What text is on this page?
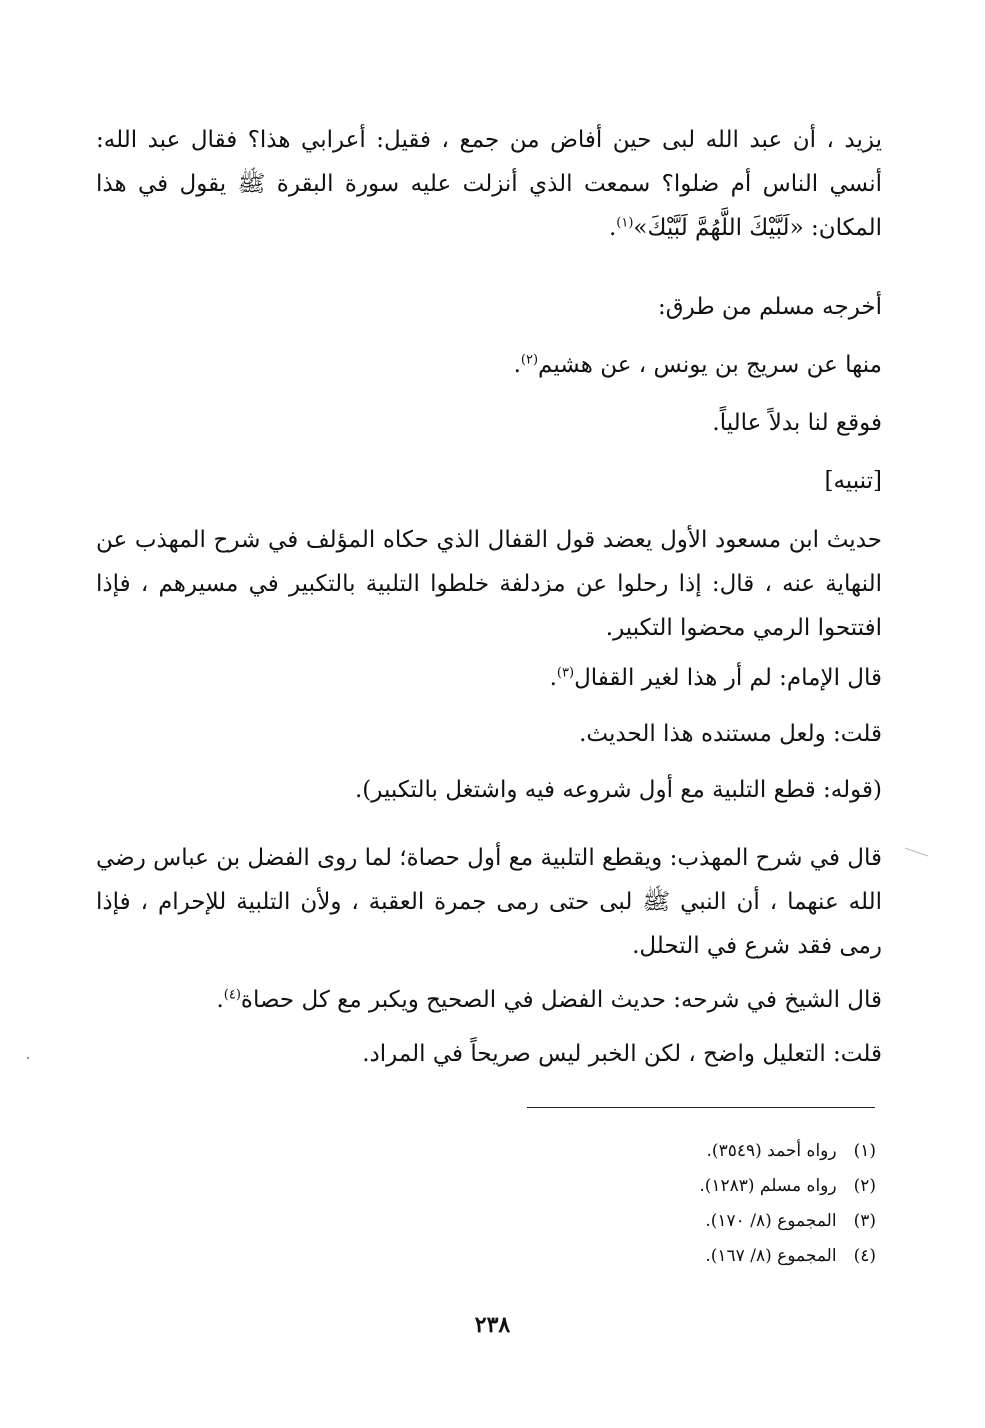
يزيد ، أن عبد الله لبى حين أفاض من جمع ، فقيل: أعرابي هذا؟ فقال عبد الله: أنسي الناس أم ضلوا؟ سمعت الذي أنزلت عليه سورة البقرة ﷺ يقول في هذا المكان: «لَبَّيْكَ اللَّهُمَّ لَبَّيْكَ»$^{(١)}$.

أخرجه مسلم من طرق:

منها عن سريج بن يونس ، عن هشيم$^{(٢)}$.

فوقع لنا بدلاً عالياً.

[تنبيه]

حديث ابن مسعود الأول يعضد قول القفال الذي حكاه المؤلف في شرح المهذب عن النهاية عنه ، قال: إذا رحلوا عن مزدلفة خلطوا التلبية بالتكبير في مسيرهم ، فإذا افتتحوا الرمي محضوا التكبير.

قال الإمام: لم أر هذا لغير القفال$^{(٣)}$.

قلت: ولعل مستنده هذا الحديث.

(قوله: قطع التلبية مع أول شروعه فيه واشتغل بالتكبير).

قال في شرح المهذب: ويقطع التلبية مع أول حصاة؛ لما روى الفضل بن عباس رضي الله عنهما ، أن النبي ﷺ لبى حتى رمى جمرة العقبة ، ولأن التلبية للإحرام ، فإذا رمى فقد شرع في التحلل.

قال الشيخ في شرحه: حديث الفضل في الصحيح ويكبر مع كل حصاة$^{(٤)}$.

قلت: التعليل واضح ، لكن الخبر ليس صريحاً في المراد.

(١) رواه أحمد (٣٥٤٩).
(٢) رواه مسلم (١٢٨٣).
(٣) المجموع (٨/ ١٧٠).
(٤) المجموع (٨/ ١٦٧).
٢٣٨
